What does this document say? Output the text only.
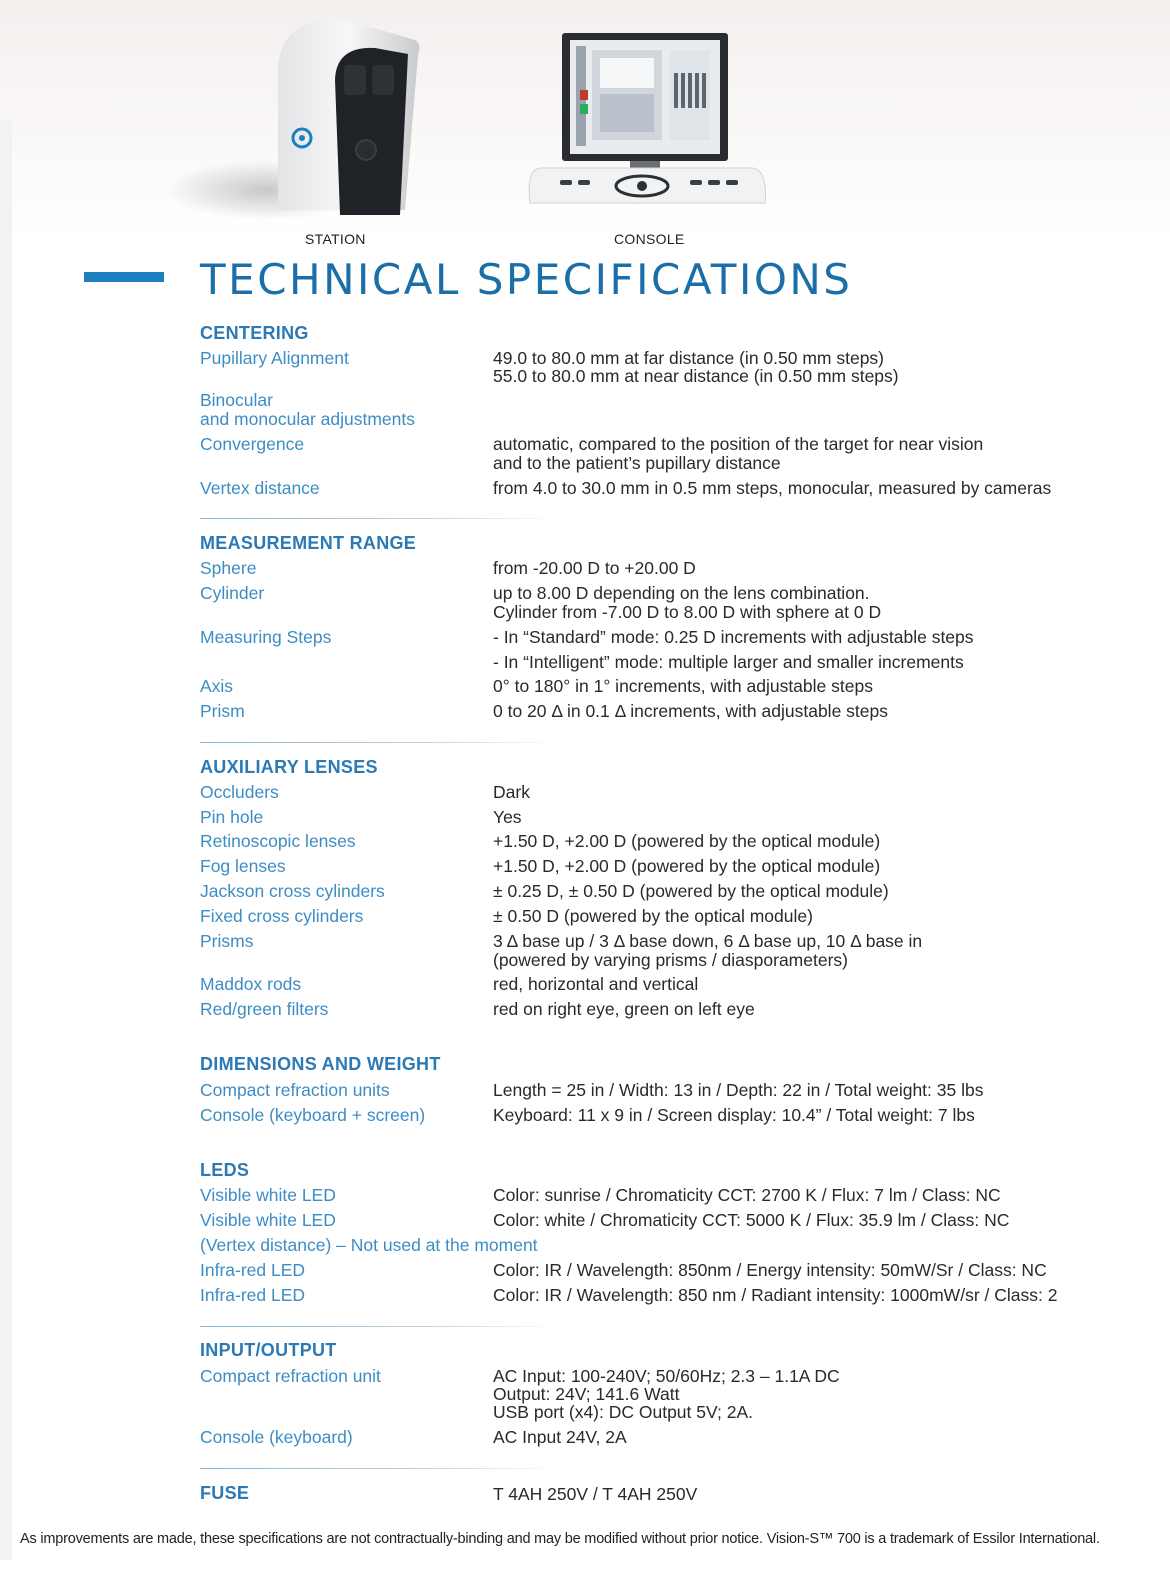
STATION	CONSOLE
TECHNICAL SPECIFICATIONS
CENTERING
Pupillary Alignment	49.0 to 80.0 mm at far distance (in 0.50 mm steps)
55.0 to 80.0 mm at near distance (in 0.50 mm steps)
Binocular
and monocular adjustments
Convergence	automatic, compared to the position of the target for near vision
and to the patient’s pupillary distance
Vertex distance	from 4.0 to 30.0 mm in 0.5 mm steps, monocular, measured by cameras
MEASUREMENT RANGE
Sphere	from -20.00 D to +20.00 D
Cylinder	up to 8.00 D depending on the lens combination.
Cylinder from -7.00 D to 8.00 D with sphere at 0 D
Measuring Steps	- In “Standard” mode: 0.25 D increments with adjustable steps
- In “Intelligent” mode: multiple larger and smaller increments
Axis	0° to 180° in 1° increments, with adjustable steps
Prism	0 to 20 Δ in 0.1 Δ increments, with adjustable steps
AUXILIARY LENSES
Occluders	Dark
Pin hole	Yes
Retinoscopic lenses	+1.50 D, +2.00 D (powered by the optical module)
Fog lenses	+1.50 D, +2.00 D (powered by the optical module)
Jackson cross cylinders	± 0.25 D, ± 0.50 D (powered by the optical module)
Fixed cross cylinders	± 0.50 D (powered by the optical module)
Prisms	3 Δ base up / 3 Δ base down, 6 Δ base up, 10 Δ base in
(powered by varying prisms / diasporameters)
Maddox rods	red, horizontal and vertical
Red/green filters	red on right eye, green on left eye
DIMENSIONS AND WEIGHT
Compact refraction units	Length = 25 in / Width: 13 in / Depth: 22 in / Total weight: 35 lbs
Console (keyboard + screen)	Keyboard: 11 x 9 in / Screen display: 10.4” / Total weight: 7 lbs
LEDS
Visible white LED	Color: sunrise / Chromaticity CCT: 2700 K / Flux: 7 lm / Class: NC
Visible white LED	Color: white / Chromaticity CCT: 5000 K / Flux: 35.9 lm / Class: NC
(Vertex distance) – Not used at the moment
Infra-red LED	Color: IR / Wavelength: 850nm / Energy intensity: 50mW/Sr / Class: NC
Infra-red LED	Color: IR / Wavelength: 850 nm / Radiant intensity: 1000mW/sr / Class: 2
INPUT/OUTPUT
Compact refraction unit	AC Input: 100-240V; 50/60Hz; 2.3 – 1.1A DC
Output: 24V; 141.6 Watt
USB port (x4): DC Output 5V; 2A.
Console (keyboard)	AC Input 24V, 2A
FUSE	T 4AH 250V / T 4AH 250V
As improvements are made, these specifications are not contractually-binding and may be modified without prior notice. Vision-S™ 700 is a trademark of Essilor International.
